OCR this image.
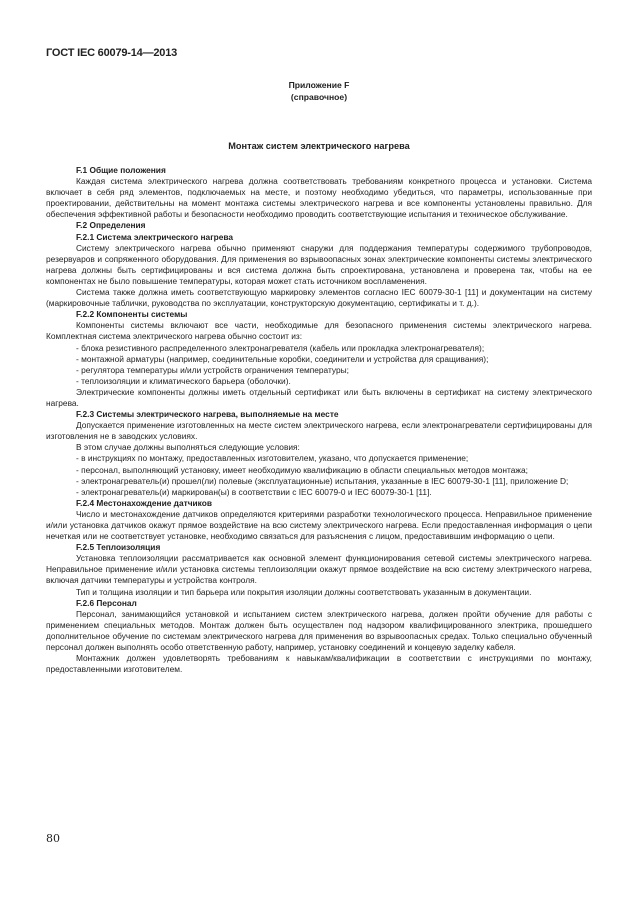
ГОСТ IEC 60079-14—2013
Приложение F
(справочное)
Монтаж систем электрического нагрева

F.1 Общие положения

Каждая система электрического нагрева должна соответствовать требованиям конкретного процесса и установки. Система включает в себя ряд элементов, подключаемых на месте, и поэтому необходимо убедиться, что параметры, использованные при проектировании, действительны на момент монтажа системы электрического нагрева и все компоненты установлены правильно. Для обеспечения эффективной работы и безопасности необходимо проводить соответствующие испытания и техническое обслуживание.

F.2 Определения

F.2.1 Система электрического нагрева

Систему электрического нагрева обычно применяют снаружи для поддержания температуры содержимого трубопроводов, резервуаров и сопряженного оборудования. Для применения во взрывоопасных зонах электрические компоненты системы электрического нагрева должны быть сертифицированы и вся система должна быть спроектирована, установлена и проверена так, чтобы на ее компонентах не было повышение температуры, которая может стать источником воспламенения.

Система также должна иметь соответствующую маркировку элементов согласно IEC 60079-30-1 [11] и документации на систему (маркировочные таблички, руководства по эксплуатации, конструкторскую документацию, сертификаты и т. д.).

F.2.2 Компоненты системы

Компоненты системы включают все части, необходимые для безопасного применения системы электрического нагрева. Комплектная система электрического нагрева обычно состоит из:

- блока резистивного распределенного электронагревателя (кабель или прокладка электронагревателя);

- монтажной арматуры (например, соединительные коробки, соединители и устройства для сращивания);

- регулятора температуры и/или устройств ограничения температуры;

- теплоизоляции и климатического барьера (оболочки).

Электрические компоненты должны иметь отдельный сертификат или быть включены в сертификат на систему электрического нагрева.

F.2.3 Системы электрического нагрева, выполняемые на месте

Допускается применение изготовленных на месте систем электрического нагрева, если электронагреватели сертифицированы для изготовления не в заводских условиях.

В этом случае должны выполняться следующие условия:

- в инструкциях по монтажу, предоставленных изготовителем, указано, что допускается применение;

- персонал, выполняющий установку, имеет необходимую квалификацию в области специальных методов монтажа;

- электронагреватель(и) прошел(ли) полевые (эксплуатационные) испытания, указанные в IEC 60079-30-1 [11], приложение D;

- электронагреватель(и) маркирован(ы) в соответствии с IEC 60079-0 и IEC 60079-30-1 [11].

F.2.4 Местонахождение датчиков

Число и местонахождение датчиков определяются критериями разработки технологического процесса. Неправильное применение и/или установка датчиков окажут прямое воздействие на всю систему электрического нагрева. Если предоставленная информация о цепи нечеткая или не соответствует установке, необходимо связаться для разъяснения с лицом, предоставившим информацию о цепи.

F.2.5 Теплоизоляция

Установка теплоизоляции рассматривается как основной элемент функционирования сетевой системы электрического нагрева. Неправильное применение и/или установка системы теплоизоляции окажут прямое воздействие на всю систему электрического нагрева, включая датчики температуры и устройства контроля.

Тип и толщина изоляции и тип барьера или покрытия изоляции должны соответствовать указанным в документации.

F.2.6 Персонал

Персонал, занимающийся установкой и испытанием систем электрического нагрева, должен пройти обучение для работы с применением специальных методов. Монтаж должен быть осуществлен под надзором квалифицированного электрика, прошедшего дополнительное обучение по системам электрического нагрева для применения во взрывоопасных средах. Только специально обученный персонал должен выполнять особо ответственную работу, например, установку соединений и концевую заделку кабеля.

Монтажник должен удовлетворять требованиям к навыкам/квалификации в соответствии с инструкциями по монтажу, предоставленными изготовителем.

80
